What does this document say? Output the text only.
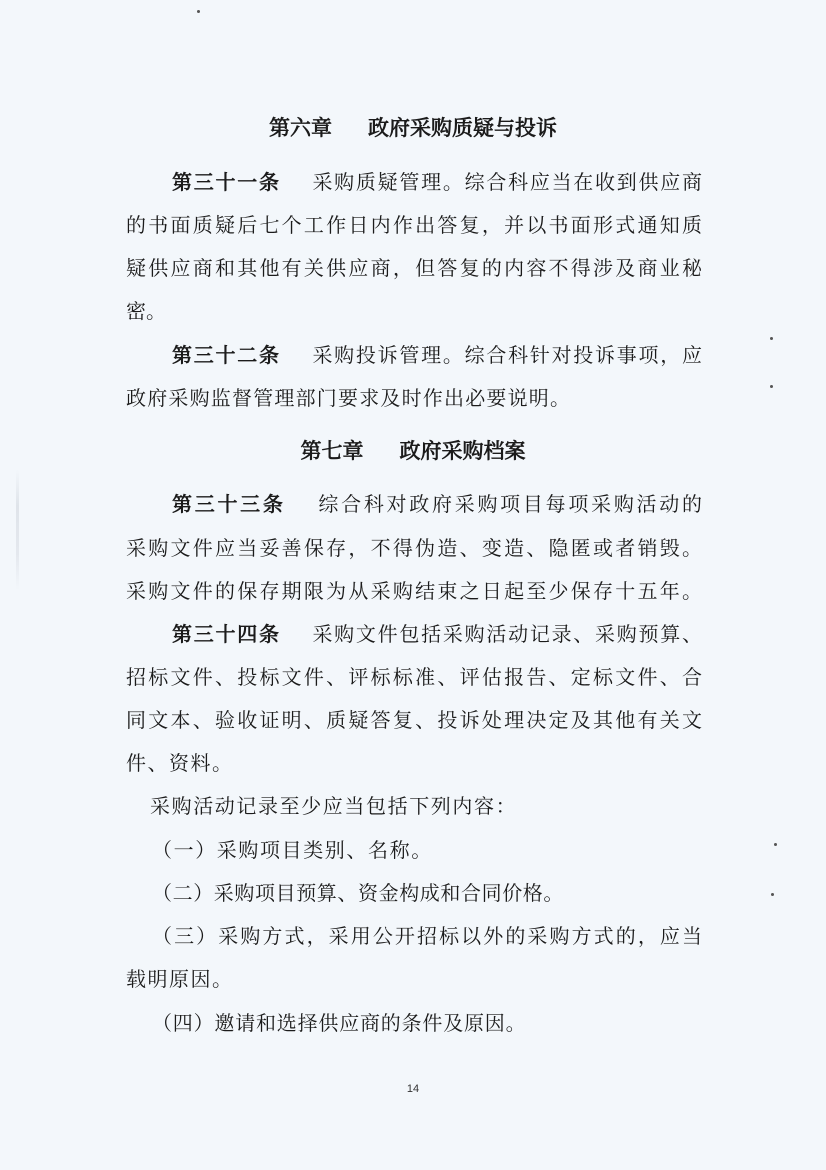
第六章 政府采购质疑与投诉
第三十一条 采购质疑管理。综合科应当在收到供应商
的书面质疑后七个工作日内作出答复，并以书面形式通知质
疑供应商和其他有关供应商，但答复的内容不得涉及商业秘
密。
第三十二条 采购投诉管理。综合科针对投诉事项，应
政府采购监督管理部门要求及时作出必要说明。
第七章 政府采购档案
第三十三条 综合科对政府采购项目每项采购活动的
采购文件应当妥善保存，不得伪造、变造、隐匿或者销毁。
采购文件的保存期限为从采购结束之日起至少保存十五年。
第三十四条 采购文件包括采购活动记录、采购预算、
招标文件、投标文件、评标标准、评估报告、定标文件、合
同文本、验收证明、质疑答复、投诉处理决定及其他有关文
件、资料。
采购活动记录至少应当包括下列内容：
（一）采购项目类别、名称。
（二）采购项目预算、资金构成和合同价格。
（三）采购方式，采用公开招标以外的采购方式的，应当
载明原因。
（四）邀请和选择供应商的条件及原因。
14
